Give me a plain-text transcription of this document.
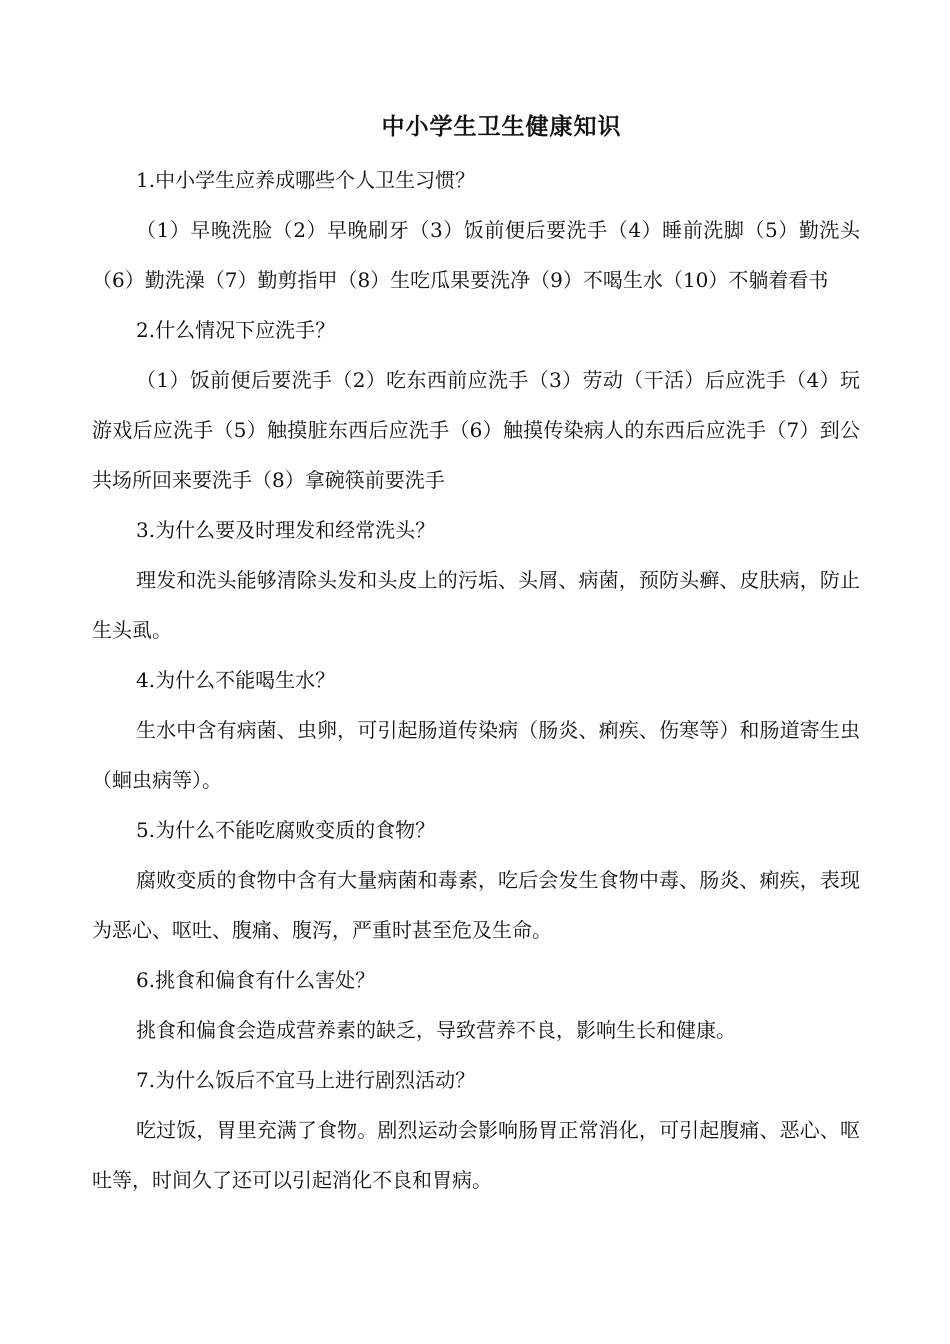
中小学生卫生健康知识

1.中小学生应养成哪些个人卫生习惯？

（1）早晚洗脸（2）早晚刷牙（3）饭前便后要洗手（4）睡前洗脚（5）勤洗头（6）勤洗澡（7）勤剪指甲（8）生吃瓜果要洗净（9）不喝生水（10）不躺着看书

2.什么情况下应洗手？

（1）饭前便后要洗手（2）吃东西前应洗手（3）劳动（干活）后应洗手（4）玩游戏后应洗手（5）触摸脏东西后应洗手（6）触摸传染病人的东西后应洗手（7）到公共场所回来要洗手（8）拿碗筷前要洗手

3.为什么要及时理发和经常洗头？

理发和洗头能够清除头发和头皮上的污垢、头屑、病菌，预防头癣、皮肤病，防止生头虱。

4.为什么不能喝生水？

生水中含有病菌、虫卵，可引起肠道传染病（肠炎、痢疾、伤寒等）和肠道寄生虫（蛔虫病等）。

5.为什么不能吃腐败变质的食物？

腐败变质的食物中含有大量病菌和毒素，吃后会发生食物中毒、肠炎、痢疾，表现为恶心、呕吐、腹痛、腹泻，严重时甚至危及生命。

6.挑食和偏食有什么害处？

挑食和偏食会造成营养素的缺乏，导致营养不良，影响生长和健康。

7.为什么饭后不宜马上进行剧烈活动？

吃过饭，胃里充满了食物。剧烈运动会影响肠胃正常消化，可引起腹痛、恶心、呕吐等，时间久了还可以引起消化不良和胃病。
